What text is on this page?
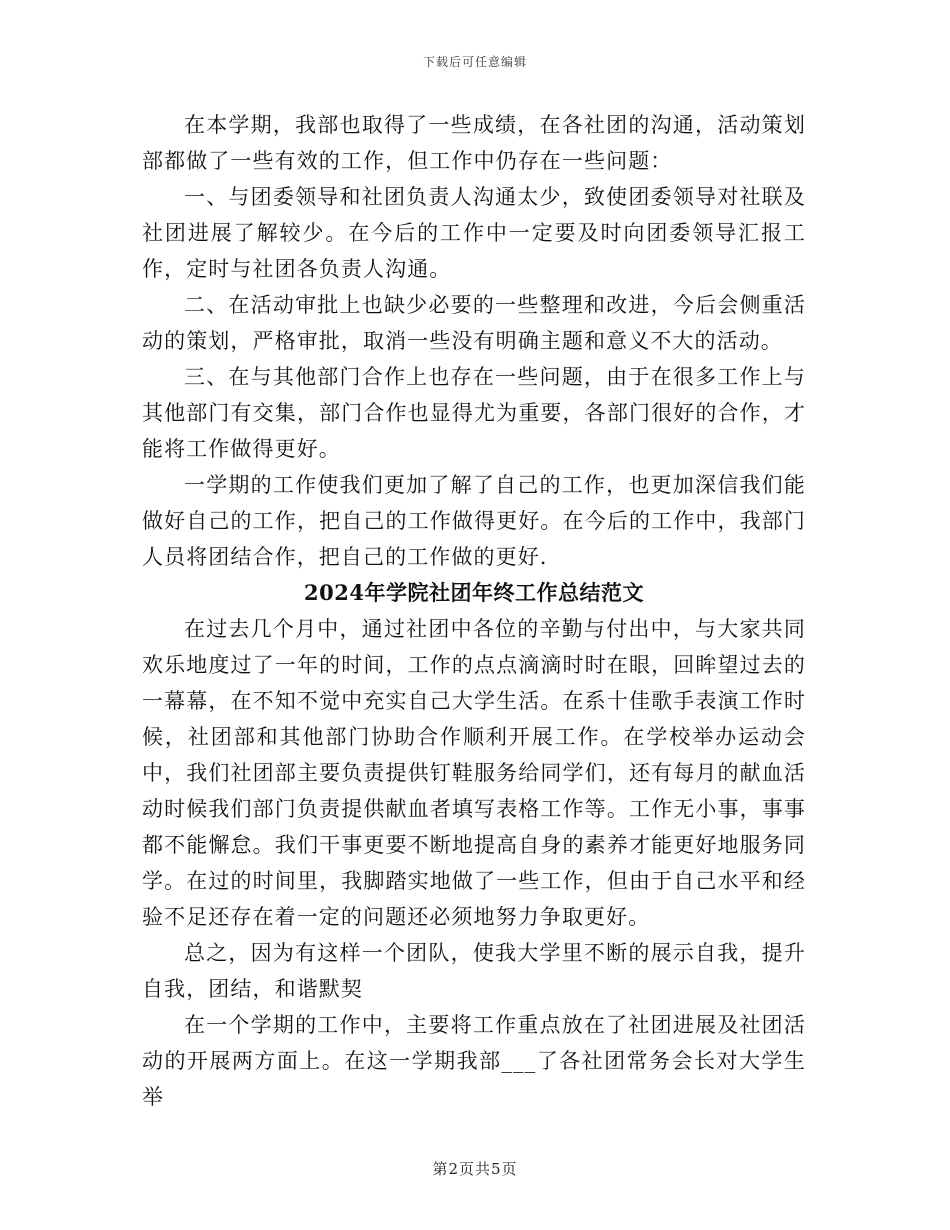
下载后可任意编辑

在本学期，我部也取得了一些成绩，在各社团的沟通，活动策划部都做了一些有效的工作，但工作中仍存在一些问题：

一、与团委领导和社团负责人沟通太少，致使团委领导对社联及社团进展了解较少。在今后的工作中一定要及时向团委领导汇报工作，定时与社团各负责人沟通。

二、在活动审批上也缺少必要的一些整理和改进，今后会侧重活动的策划，严格审批，取消一些没有明确主题和意义不大的活动。

三、在与其他部门合作上也存在一些问题，由于在很多工作上与其他部门有交集，部门合作也显得尤为重要，各部门很好的合作，才能将工作做得更好。

一学期的工作使我们更加了解了自己的工作，也更加深信我们能做好自己的工作，把自己的工作做得更好。在今后的工作中，我部门人员将团结合作，把自己的工作做的更好.

2024年学院社团年终工作总结范文

在过去几个月中，通过社团中各位的辛勤与付出中，与大家共同欢乐地度过了一年的时间，工作的点点滴滴时时在眼，回眸望过去的一幕幕，在不知不觉中充实自己大学生活。在系十佳歌手表演工作时候，社团部和其他部门协助合作顺利开展工作。在学校举办运动会中，我们社团部主要负责提供钉鞋服务给同学们，还有每月的献血活动时候我们部门负责提供献血者填写表格工作等。工作无小事，事事都不能懈怠。我们干事更要不断地提高自身的素养才能更好地服务同学。在过的时间里，我脚踏实地做了一些工作，但由于自己水平和经验不足还存在着一定的问题还必须地努力争取更好。

总之，因为有这样一个团队，使我大学里不断的展示自我，提升自我，团结，和谐默契

在一个学期的工作中，主要将工作重点放在了社团进展及社团活动的开展两方面上。在这一学期我部___了各社团常务会长对大学生举

第2页共5页
